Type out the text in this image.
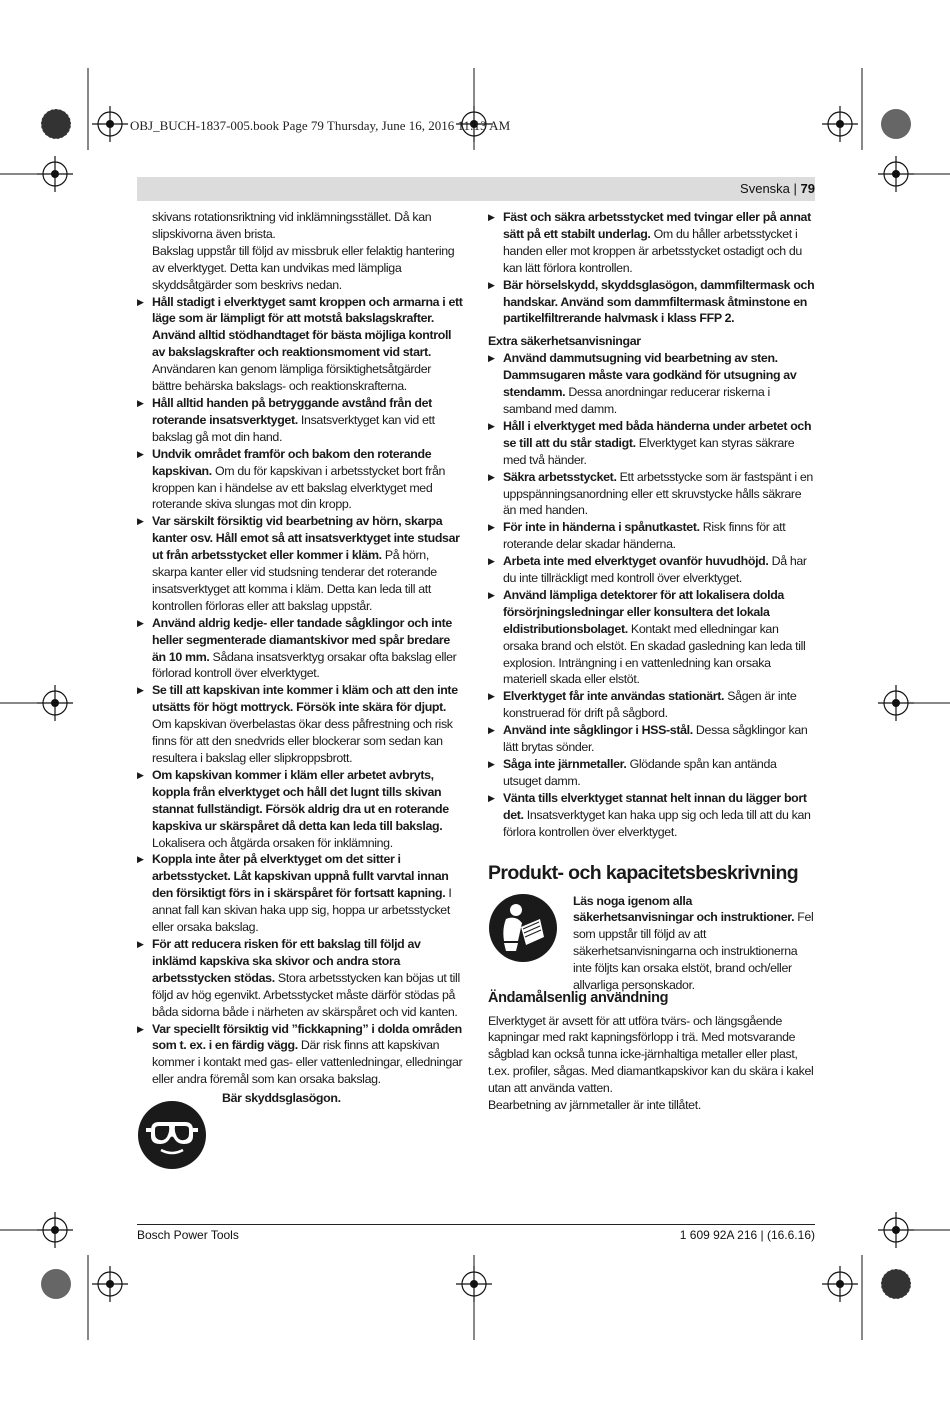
OBJ_BUCH-1837-005.book Page 79 Thursday, June 16, 2016 11:13 AM
Svenska | 79

skivans rotationsriktning vid inklämningsstället. Då kan slipskivorna även brista.

Bakslag uppstår till följd av missbruk eller felaktig hantering av elverktyget. Detta kan undvikas med lämpliga skyddsåtgärder som beskrivs nedan.

▶ Håll stadigt i elverktyget samt kroppen och armarna i ett läge som är lämpligt för att motstå bakslagskrafter. Använd alltid stödhandtaget för bästa möjliga kontroll av bakslagskrafter och reaktionsmoment vid start. Användaren kan genom lämpliga försiktighetsåtgärder bättre behärska bakslags- och reaktionskrafterna.

▶ Håll alltid handen på betryggande avstånd från det roterande insatsverktyget. Insatsverktyget kan vid ett bakslag gå mot din hand.

▶ Undvik området framför och bakom den roterande kapskivan. Om du för kapskivan i arbetsstycket bort från kroppen kan i händelse av ett bakslag elverktyget med roterande skiva slungas mot din kropp.

▶ Var särskilt försiktig vid bearbetning av hörn, skarpa kanter osv. Håll emot så att insatsverktyget inte studsar ut från arbetsstycket eller kommer i kläm. På hörn, skarpa kanter eller vid studsning tenderar det roterande insatsverktyget att komma i kläm. Detta kan leda till att kontrollen förloras eller att bakslag uppstår.

▶ Använd aldrig kedje- eller tandade sågklingor och inte heller segmenterade diamantskivor med spår bredare än 10 mm. Sådana insatsverktyg orsakar ofta bakslag eller förlorad kontroll över elverktyget.

▶ Se till att kapskivan inte kommer i kläm och att den inte utsätts för högt mottryck. Försök inte skära för djupt. Om kapskivan överbelastas ökar dess påfrestning och risk finns för att den snedvrids eller blockerar som sedan kan resultera i bakslag eller slipkroppsbrott.

▶ Om kapskivan kommer i kläm eller arbetet avbryts, koppla från elverktyget och håll det lugnt tills skivan stannat fullständigt. Försök aldrig dra ut en roterande kapskiva ur skärspåret då detta kan leda till bakslag. Lokalisera och åtgärda orsaken för inklämning.

▶ Koppla inte åter på elverktyget om det sitter i arbetsstycket. Låt kapskivan uppnå fullt varvtal innan den försiktigt förs in i skärspåret för fortsatt kapning. I annat fall kan skivan haka upp sig, hoppa ur arbetsstycket eller orsaka bakslag.

▶ För att reducera risken för ett bakslag till följd av inklämd kapskiva ska skivor och andra stora arbetsstycken stödas. Stora arbetsstycken kan böjas ut till följd av hög egenvikt. Arbetsstycket måste därför stödas på båda sidorna både i närheten av skärspåret och vid kanten.

▶ Var speciellt försiktig vid ”fickkapning” i dolda områden som t. ex. i en färdig vägg. Där risk finns att kapskivan kommer i kontakt med gas- eller vattenledningar, elledningar eller andra föremål som kan orsaka bakslag.

Bär skyddsglasögon.

▶ Fäst och säkra arbetsstycket med tvingar eller på annat sätt på ett stabilt underlag. Om du håller arbetsstycket i handen eller mot kroppen är arbetsstycket ostadigt och du kan lätt förlora kontrollen.

▶ Bär hörselskydd, skyddsglasögon, dammfiltermask och handskar. Använd som dammfiltermask åtminstone en partikelfiltrerande halvmask i klass FFP 2.

Extra säkerhetsanvisningar

▶ Använd dammutsugning vid bearbetning av sten. Dammsugaren måste vara godkänd för utsugning av stendamm. Dessa anordningar reducerar riskerna i samband med damm.

▶ Håll i elverktyget med båda händerna under arbetet och se till att du står stadigt. Elverktyget kan styras säkrare med två händer.

▶ Säkra arbetsstycket. Ett arbetsstycke som är fastspänt i en uppspänningsanordning eller ett skruvstycke hålls säkrare än med handen.

▶ För inte in händerna i spånutkastet. Risk finns för att roterande delar skadar händerna.

▶ Arbeta inte med elverktyget ovanför huvudhöjd. Då har du inte tillräckligt med kontroll över elverktyget.

▶ Använd lämpliga detektorer för att lokalisera dolda försörjningsledningar eller konsultera det lokala eldistributionsbolaget. Kontakt med elledningar kan orsaka brand och elstöt. En skadad gasledning kan leda till explosion. Inträngning i en vattenledning kan orsaka materiell skada eller elstöt.

▶ Elverktyget får inte användas stationärt. Sågen är inte konstruerad för drift på sågbord.

▶ Använd inte sågklingor i HSS-stål. Dessa sågklingor kan lätt brytas sönder.

▶ Såga inte järnmetaller. Glödande spån kan antända utsuget damm.

▶ Vänta tills elverktyget stannat helt innan du lägger bort det. Insatsverktyget kan haka upp sig och leda till att du kan förlora kontrollen över elverktyget.

Produkt- och kapacitetsbeskrivning

Läs noga igenom alla säkerhetsanvisningar och instruktioner. Fel som uppstår till följd av att säkerhetsanvisningarna och instruktionerna inte följts kan orsaka elstöt, brand och/eller allvarliga personskador.

Ändamålsenlig användning

Elverktyget är avsett för att utföra tvärs- och längsgående kapningar med rakt kapningsförlopp i trä. Med motsvarande sågblad kan också tunna icke-järnhaltiga metaller eller plast, t.ex. profiler, sågas. Med diamantkapskivor kan du skära i kakel utan att använda vatten.

Bearbetning av järnmetaller är inte tillåtet.

Bosch Power Tools	1 609 92A 216 | (16.6.16)
